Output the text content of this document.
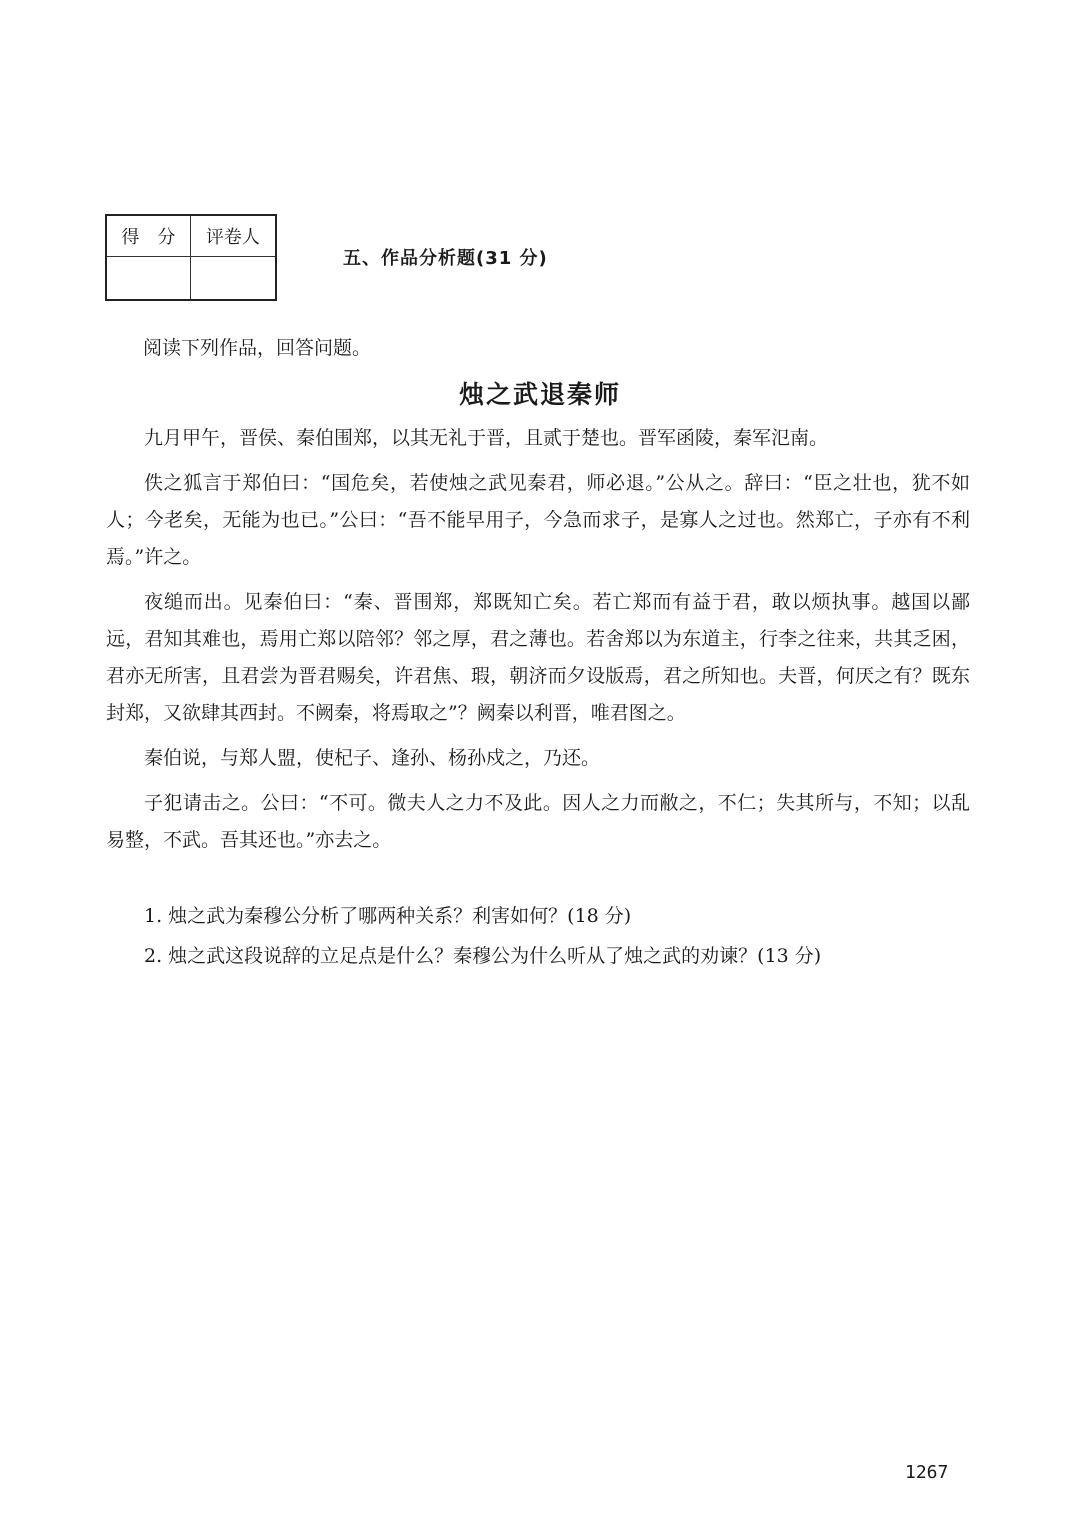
得　分	评卷人

五、作品分析题(31 分)
阅读下列作品，回答问题。
烛之武退秦师

九月甲午，晋侯、秦伯围郑，以其无礼于晋，且贰于楚也。晋军函陵，秦军氾南。

佚之狐言于郑伯曰：“国危矣，若使烛之武见秦君，师必退。”公从之。辞曰：“臣之壮也，犹不如人；今老矣，无能为也已。”公曰：“吾不能早用子，今急而求子，是寡人之过也。然郑亡，子亦有不利焉。”许之。

夜缒而出。见秦伯曰：“秦、晋围郑，郑既知亡矣。若亡郑而有益于君，敢以烦执事。越国以鄙远，君知其难也，焉用亡郑以陪邻？邻之厚，君之薄也。若舍郑以为东道主，行李之往来，共其乏困，君亦无所害，且君尝为晋君赐矣，许君焦、瑕，朝济而夕设版焉，君之所知也。夫晋，何厌之有？既东封郑，又欲肆其西封。不阙秦，将焉取之”？阙秦以利晋，唯君图之。

秦伯说，与郑人盟，使杞子、逢孙、杨孙戍之，乃还。

子犯请击之。公曰：“不可。微夫人之力不及此。因人之力而敝之，不仁；失其所与，不知；以乱易整，不武。吾其还也。”亦去之。

1. 烛之武为秦穆公分析了哪两种关系？利害如何？(18 分)

2. 烛之武这段说辞的立足点是什么？秦穆公为什么听从了烛之武的劝谏？(13 分)

1267
